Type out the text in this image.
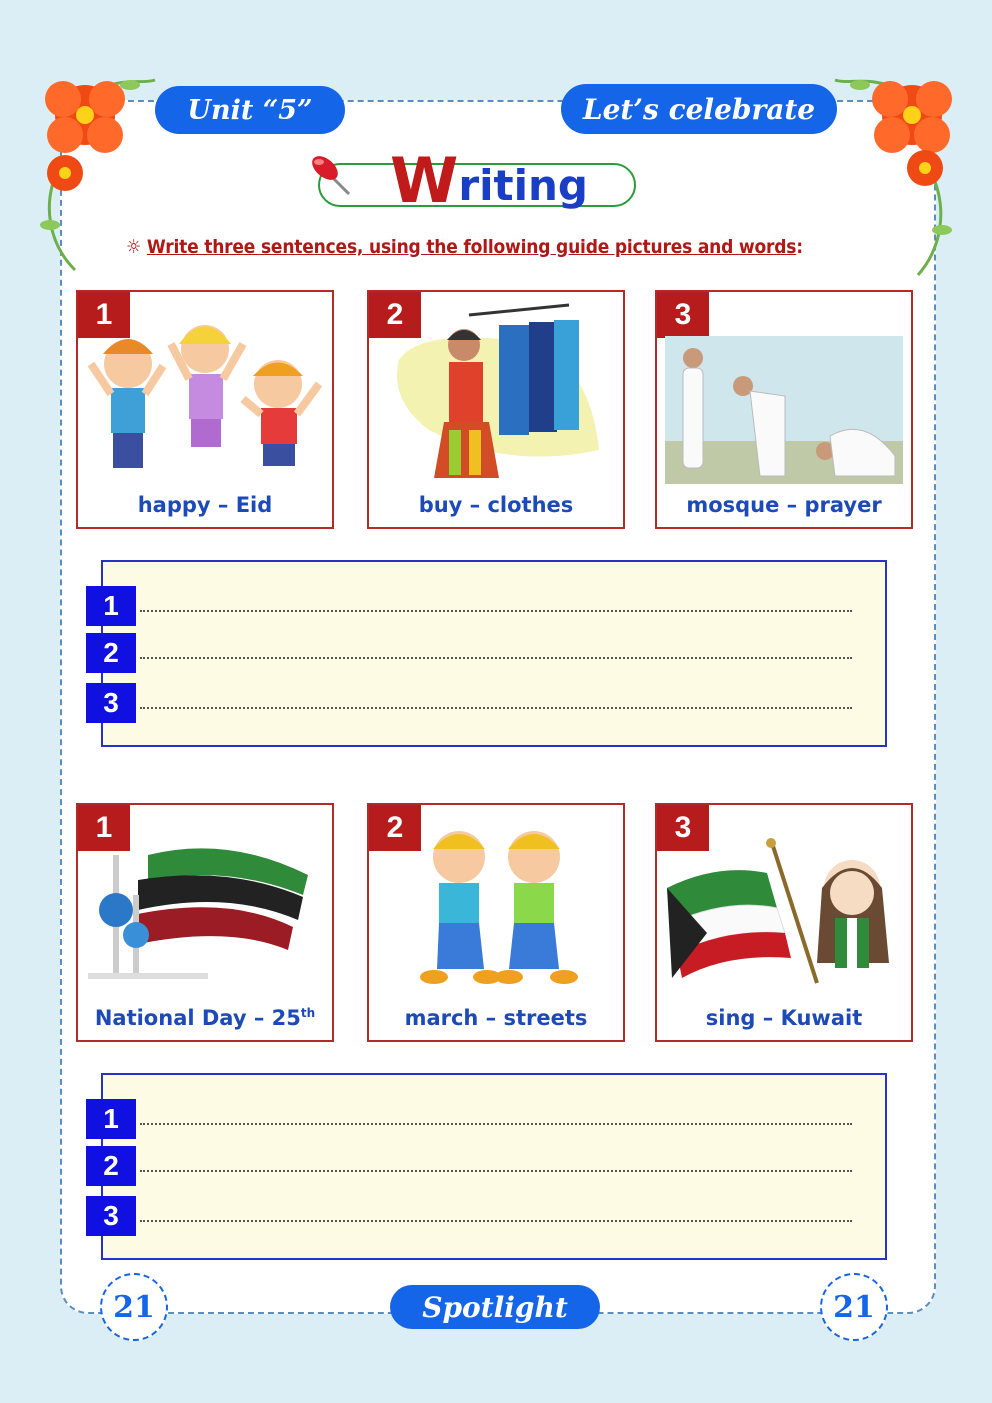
Unit “5”	Let’s celebrate
W riting
☼ Write three sentences, using the following guide pictures and words:
1
happy – Eid
2
buy – clothes
3
mosque – prayer
1
2
3
1
National Day – 25th
2
march – streets
3
sing – Kuwait
1
2
3
21	Spotlight	21
